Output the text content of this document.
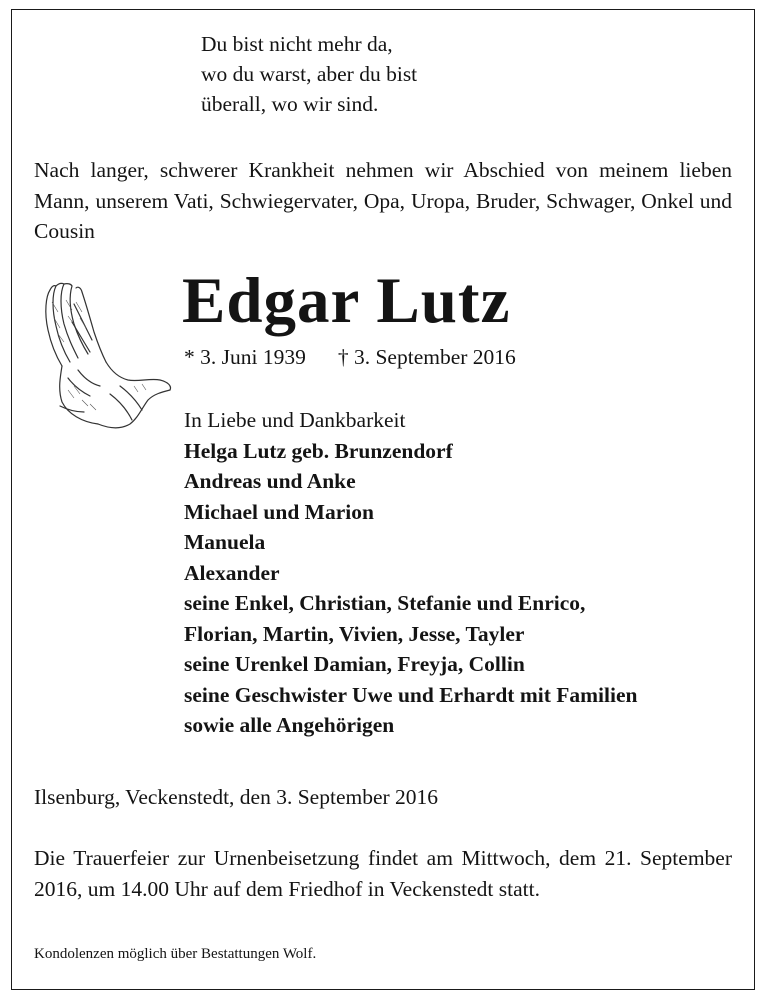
Du bist nicht mehr da,
wo du warst, aber du bist
überall, wo wir sind.
Nach langer, schwerer Krankheit nehmen wir Abschied von meinem lieben Mann, unserem Vati, Schwiegervater, Opa, Uropa, Bruder, Schwager, Onkel und Cousin
Edgar Lutz
* 3. Juni 1939 † 3. September 2016
In Liebe und Dankbarkeit
Helga Lutz geb. Brunzendorf
Andreas und Anke
Michael und Marion
Manuela
Alexander
seine Enkel, Christian, Stefanie und Enrico,
Florian, Martin, Vivien, Jesse, Tayler
seine Urenkel Damian, Freyja, Collin
seine Geschwister Uwe und Erhardt mit Familien
sowie alle Angehörigen
Ilsenburg, Veckenstedt, den 3. September 2016
Die Trauerfeier zur Urnenbeisetzung findet am Mittwoch, dem 21. September 2016, um 14.00 Uhr auf dem Friedhof in Veckenstedt statt.
Kondolenzen möglich über Bestattungen Wolf.
